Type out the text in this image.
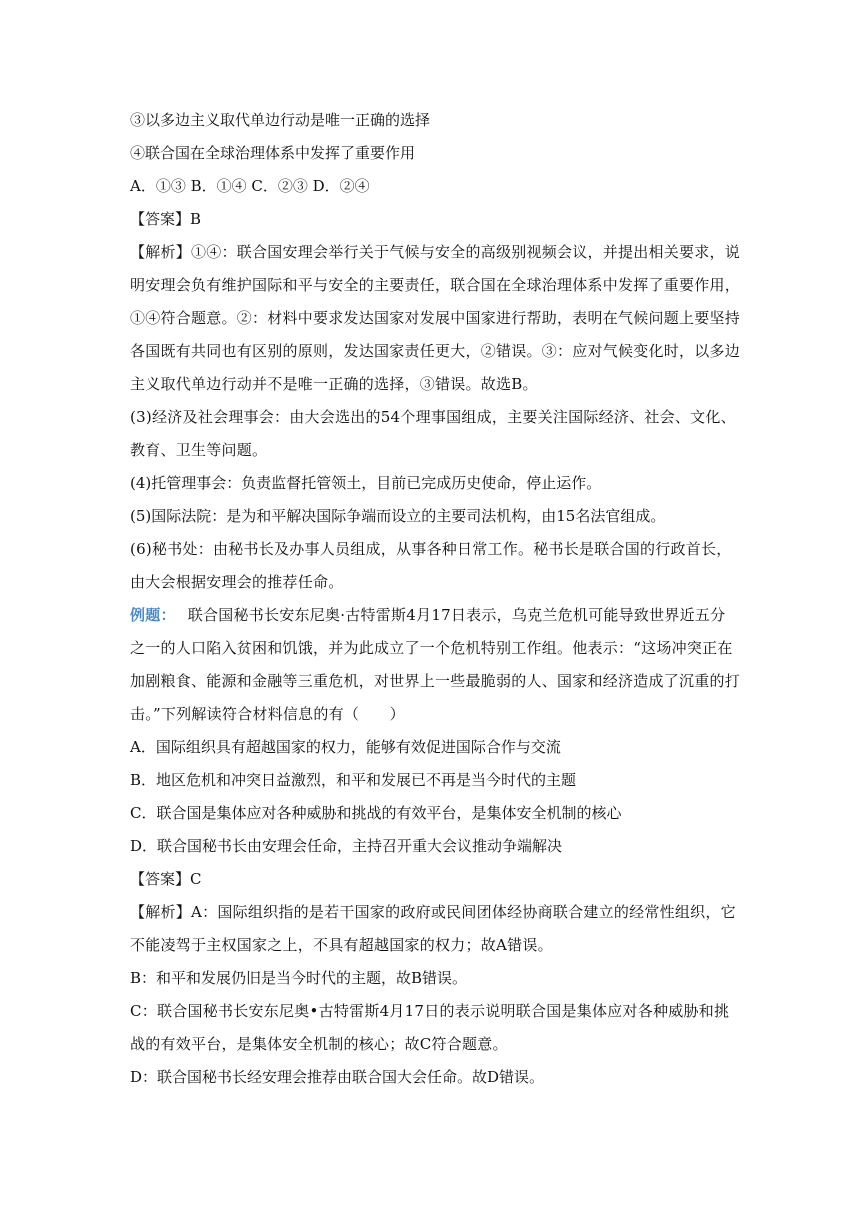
③以多边主义取代单边行动是唯一正确的选择
④联合国在全球治理体系中发挥了重要作用
A．①③ B．①④ C．②③ D．②④
【答案】B
【解析】①④：联合国安理会举行关于气候与安全的高级别视频会议，并提出相关要求，说
明安理会负有维护国际和平与安全的主要责任，联合国在全球治理体系中发挥了重要作用，
①④符合题意。②：材料中要求发达国家对发展中国家进行帮助，表明在气候问题上要坚持
各国既有共同也有区别的原则，发达国家责任更大，②错误。③：应对气候变化时，以多边
主义取代单边行动并不是唯一正确的选择，③错误。故选B。
(3)经济及社会理事会：由大会选出的54个理事国组成，主要关注国际经济、社会、文化、
教育、卫生等问题。
(4)托管理事会：负责监督托管领土，目前已完成历史使命，停止运作。
(5)国际法院：是为和平解决国际争端而设立的主要司法机构，由15名法官组成。
(6)秘书处：由秘书长及办事人员组成，从事各种日常工作。秘书长是联合国的行政首长，
由大会根据安理会的推荐任命。
例题： 联合国秘书长安东尼奥·古特雷斯4月17日表示，乌克兰危机可能导致世界近五分
之一的人口陷入贫困和饥饿，并为此成立了一个危机特别工作组。他表示：“这场冲突正在
加剧粮食、能源和金融等三重危机，对世界上一些最脆弱的人、国家和经济造成了沉重的打
击。”下列解读符合材料信息的有（　　）
A．国际组织具有超越国家的权力，能够有效促进国际合作与交流
B．地区危机和冲突日益激烈，和平和发展已不再是当今时代的主题
C．联合国是集体应对各种威胁和挑战的有效平台，是集体安全机制的核心
D．联合国秘书长由安理会任命，主持召开重大会议推动争端解决
【答案】C
【解析】A：国际组织指的是若干国家的政府或民间团体经协商联合建立的经常性组织，它
不能凌驾于主权国家之上，不具有超越国家的权力；故A错误。
B：和平和发展仍旧是当今时代的主题，故B错误。
C：联合国秘书长安东尼奥•古特雷斯4月17日的表示说明联合国是集体应对各种威胁和挑
战的有效平台，是集体安全机制的核心；故C符合题意。
D：联合国秘书长经安理会推荐由联合国大会任命。故D错误。
